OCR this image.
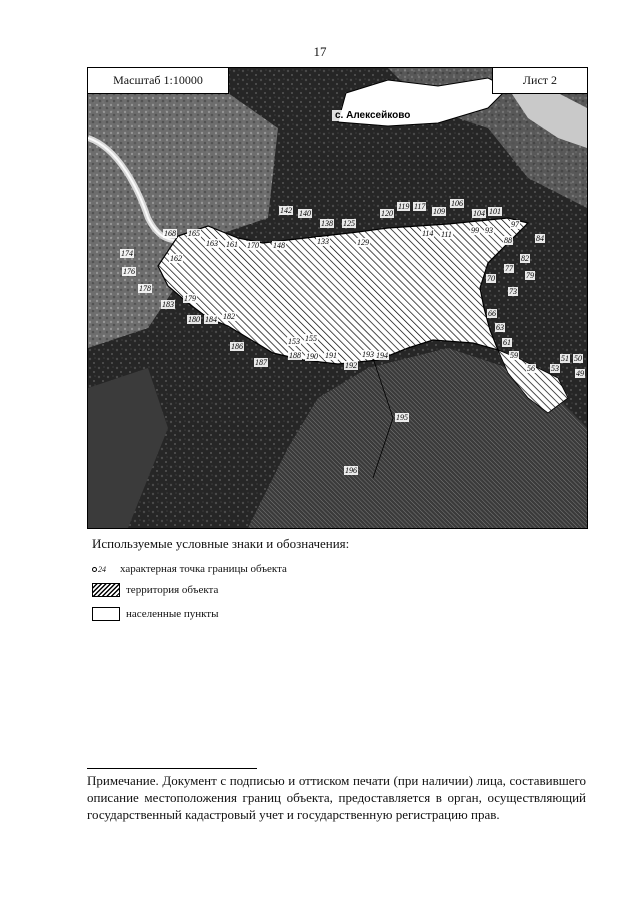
17
Масштаб 1:10000	Лист 2
с. Алексейково
142 140
138 125
120
119 117
109
106
104 101
97
168 165
163 161 170 148	133	129
114 111 99 93
88	84
174
162
176
178
179
183
180 184 182
186
187
153 155
188 190 191
192
193 194
195
196
82
79
77
73
70
66
63
61
59
56 53
51 50
49
Используемые условные знаки и обозначения:
24 характерная точка границы объекта
территория объекта
населенные пункты
Примечание. Документ с подписью и оттиском печати (при наличии) лица, составившего описание местоположения границ объекта, предоставляется в орган, осуществляющий государственный кадастровый учет и государственную регистрацию прав.
